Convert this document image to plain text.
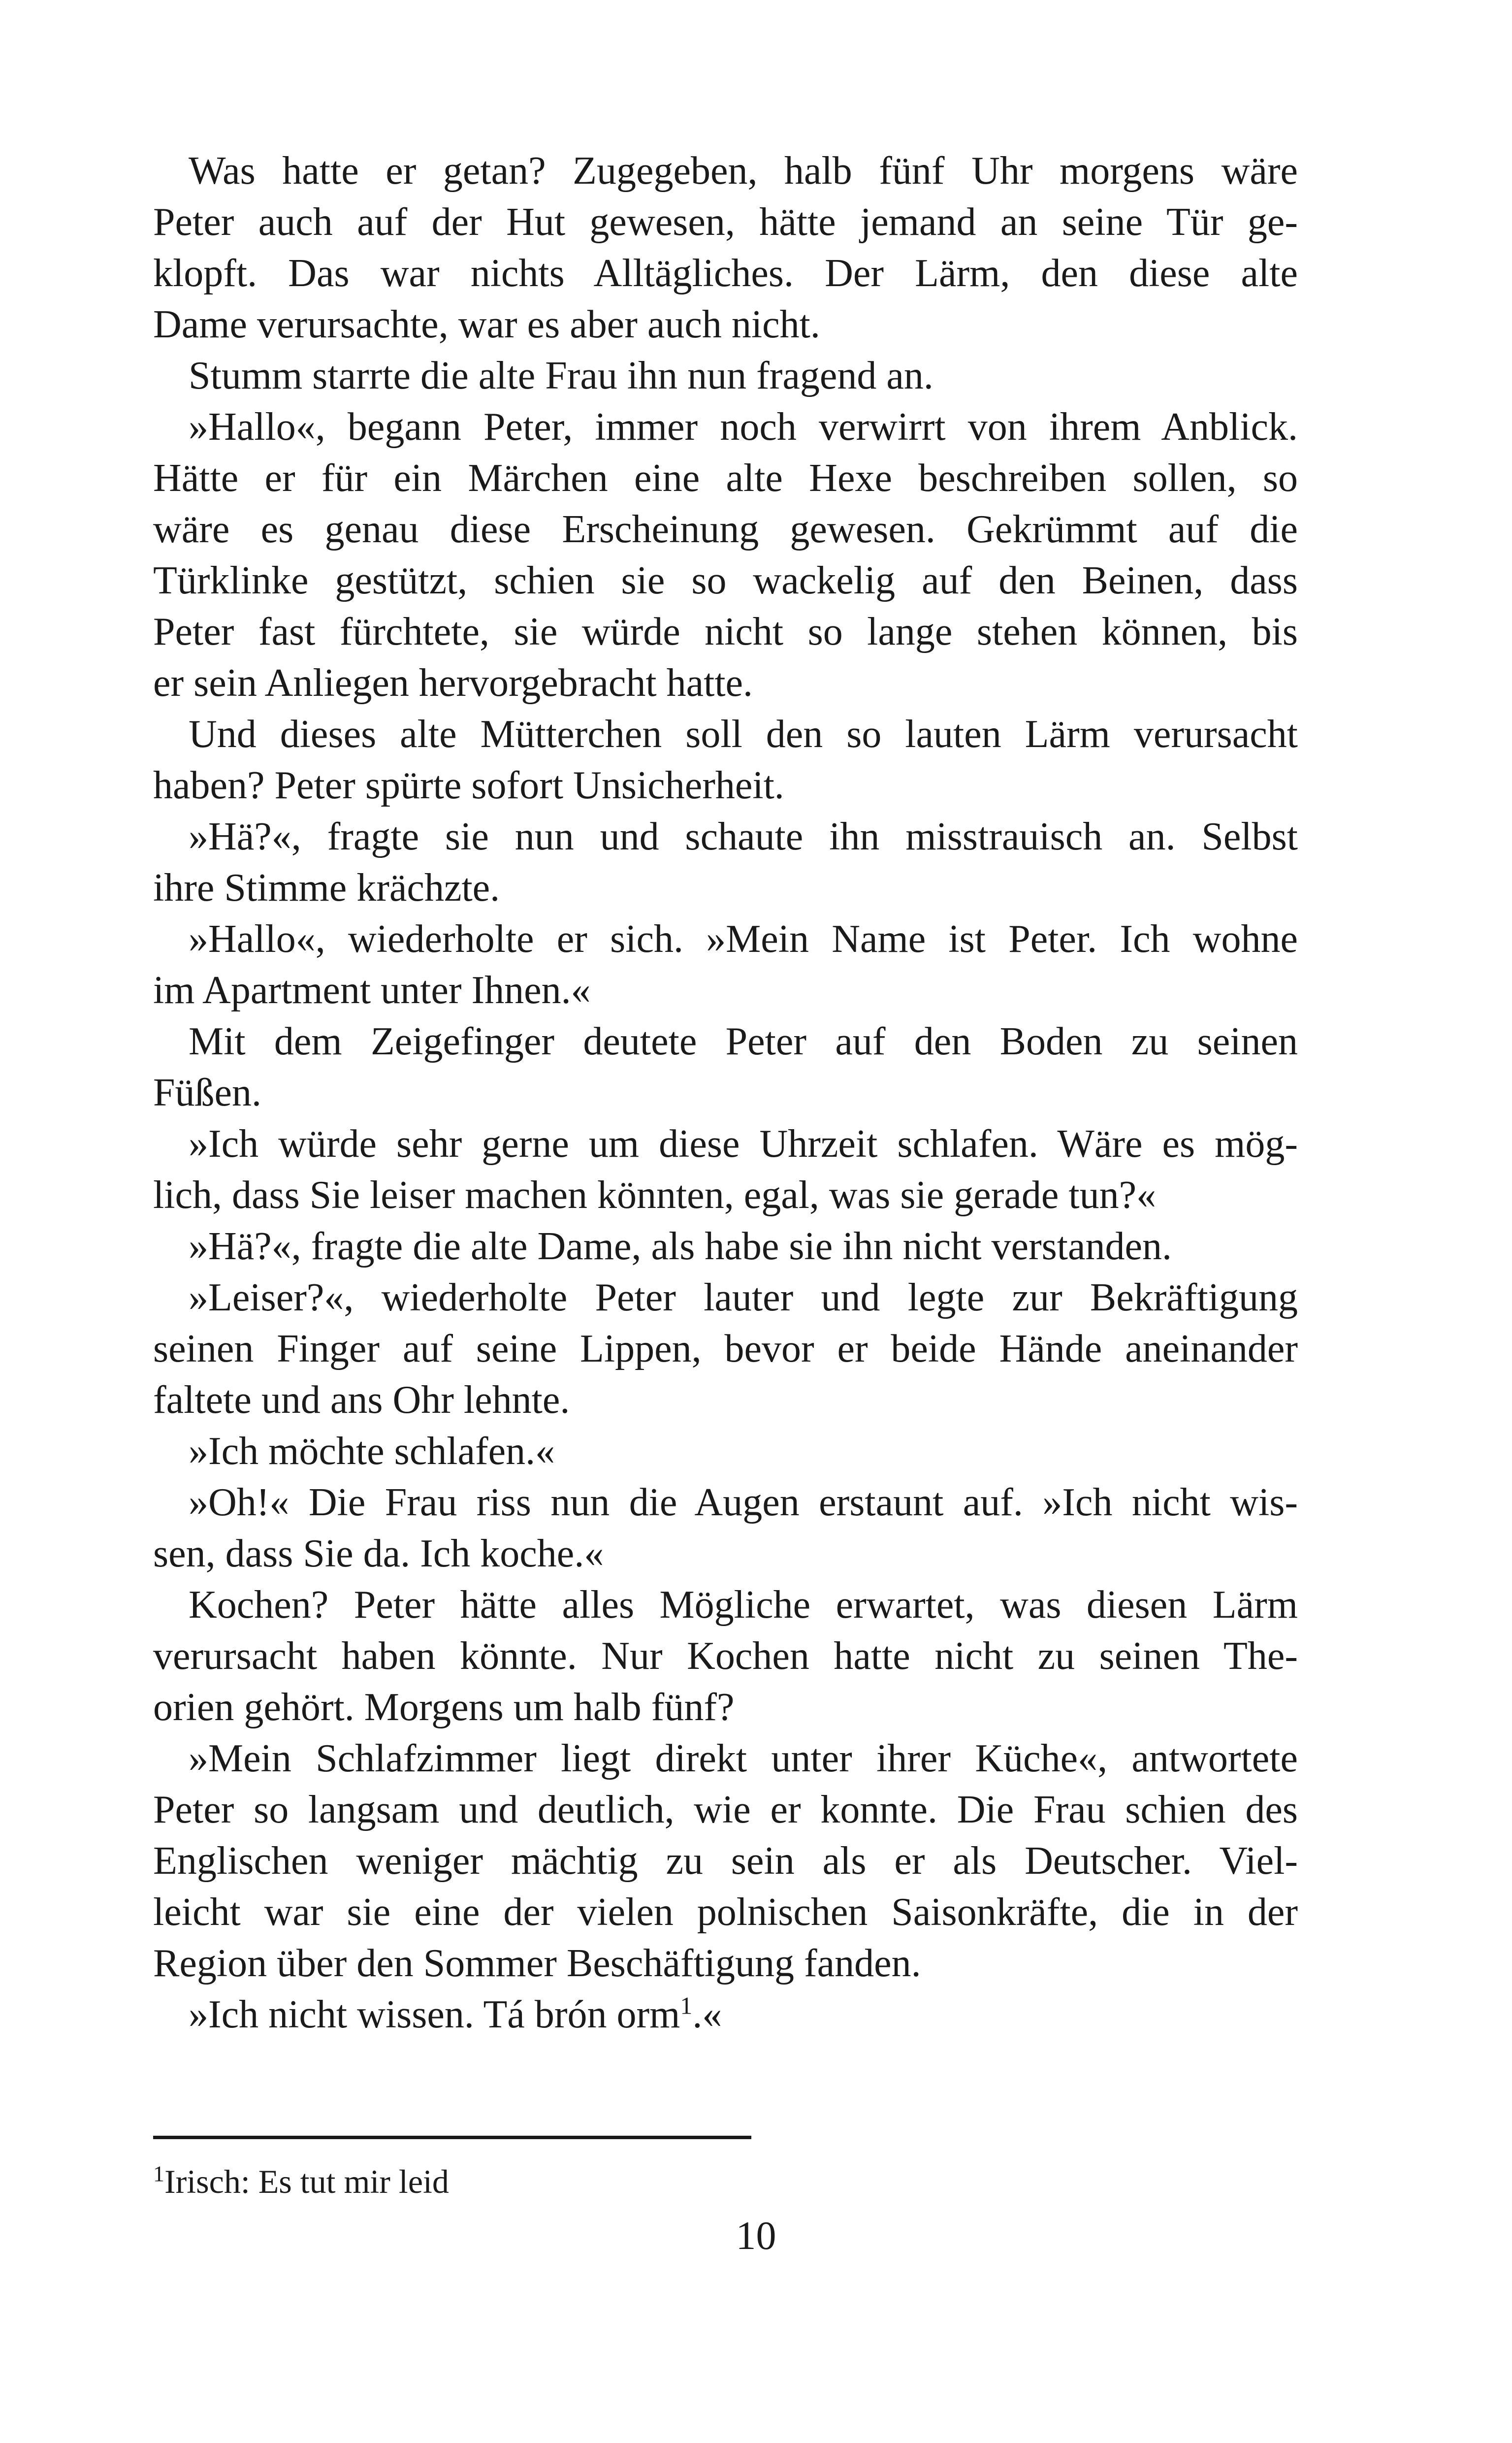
Was hatte er getan? Zugegeben, halb fünf Uhr morgens wäre
Peter auch auf der Hut gewesen, hätte jemand an seine Tür ge-
klopft. Das war nichts Alltägliches. Der Lärm, den diese alte
Dame verursachte, war es aber auch nicht.
Stumm starrte die alte Frau ihn nun fragend an.
»Hallo«, begann Peter, immer noch verwirrt von ihrem Anblick.
Hätte er für ein Märchen eine alte Hexe beschreiben sollen, so
wäre es genau diese Erscheinung gewesen. Gekrümmt auf die
Türklinke gestützt, schien sie so wackelig auf den Beinen, dass
Peter fast fürchtete, sie würde nicht so lange stehen können, bis
er sein Anliegen hervorgebracht hatte.
Und dieses alte Mütterchen soll den so lauten Lärm verursacht
haben? Peter spürte sofort Unsicherheit.
»Hä?«, fragte sie nun und schaute ihn misstrauisch an. Selbst
ihre Stimme krächzte.
»Hallo«, wiederholte er sich. »Mein Name ist Peter. Ich wohne
im Apartment unter Ihnen.«
Mit dem Zeigefinger deutete Peter auf den Boden zu seinen
Füßen.
»Ich würde sehr gerne um diese Uhrzeit schlafen. Wäre es mög-
lich, dass Sie leiser machen könnten, egal, was sie gerade tun?«
»Hä?«, fragte die alte Dame, als habe sie ihn nicht verstanden.
»Leiser?«, wiederholte Peter lauter und legte zur Bekräftigung
seinen Finger auf seine Lippen, bevor er beide Hände aneinander
faltete und ans Ohr lehnte.
»Ich möchte schlafen.«
»Oh!« Die Frau riss nun die Augen erstaunt auf. »Ich nicht wis-
sen, dass Sie da. Ich koche.«
Kochen? Peter hätte alles Mögliche erwartet, was diesen Lärm
verursacht haben könnte. Nur Kochen hatte nicht zu seinen The-
orien gehört. Morgens um halb fünf?
»Mein Schlafzimmer liegt direkt unter ihrer Küche«, antwortete
Peter so langsam und deutlich, wie er konnte. Die Frau schien des
Englischen weniger mächtig zu sein als er als Deutscher. Viel-
leicht war sie eine der vielen polnischen Saisonkräfte, die in der
Region über den Sommer Beschäftigung fanden.
»Ich nicht wissen. Tá brón orm$^1$.«
$^1$Irisch: Es tut mir leid
10
